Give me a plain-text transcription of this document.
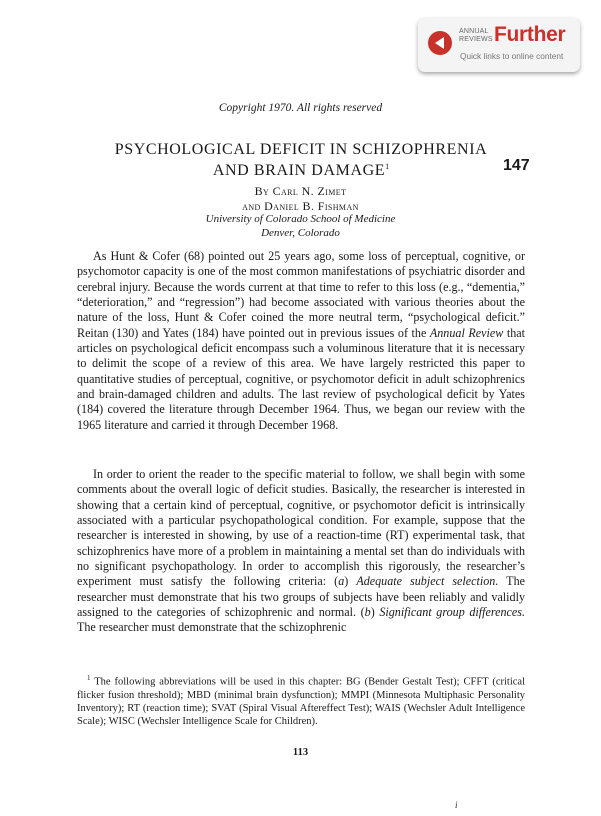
ANNUAL
REVIEWS Further
Quick links to online content
Copyright 1970. All rights reserved
PSYCHOLOGICAL DEFICIT IN SCHIZOPHRENIA
AND BRAIN DAMAGE$^1$	147
By Carl N. Zimet
and Daniel B. Fishman
University of Colorado School of Medicine
Denver, Colorado

As Hunt & Cofer (68) pointed out 25 years ago, some loss of perceptual, cognitive, or psychomotor capacity is one of the most common manifestations of psychiatric disorder and cerebral injury. Because the words current at that time to refer to this loss (e.g., “dementia,” “deterioration,” and “regression”) had become associated with various theories about the nature of the loss, Hunt & Cofer coined the more neutral term, “psychological deficit.” Reitan (130) and Yates (184) have pointed out in previous issues of the Annual Review that articles on psychological deficit encompass such a voluminous literature that it is necessary to delimit the scope of a review of this area. We have largely restricted this paper to quantitative studies of perceptual, cognitive, or psychomotor deficit in adult schizophrenics and brain-damaged children and adults. The last review of psychological deficit by Yates (184) covered the literature through December 1964. Thus, we began our review with the 1965 literature and carried it through December 1968.

In order to orient the reader to the specific material to follow, we shall begin with some comments about the overall logic of deficit studies. Basically, the researcher is interested in showing that a certain kind of perceptual, cognitive, or psychomotor deficit is intrinsically associated with a particular psychopathological condition. For example, suppose that the researcher is interested in showing, by use of a reaction-time (RT) experimental task, that schizophrenics have more of a problem in maintaining a mental set than do individuals with no significant psychopathology. In order to accomplish this rigorously, the researcher’s experiment must satisfy the following criteria: (a) Adequate subject selection. The researcher must demonstrate that his two groups of subjects have been reliably and validly assigned to the categories of schizophrenic and normal. (b) Significant group differences. The researcher must demonstrate that the schizophrenic

$^1$ The following abbreviations will be used in this chapter: BG (Bender Gestalt Test); CFFT (critical flicker fusion threshold); MBD (minimal brain dysfunction); MMPI (Minnesota Multiphasic Personality Inventory); RT (reaction time); SVAT (Spiral Visual Aftereffect Test); WAIS (Wechsler Adult Intelligence Scale); WISC (Wechsler Intelligence Scale for Children).

113
i
